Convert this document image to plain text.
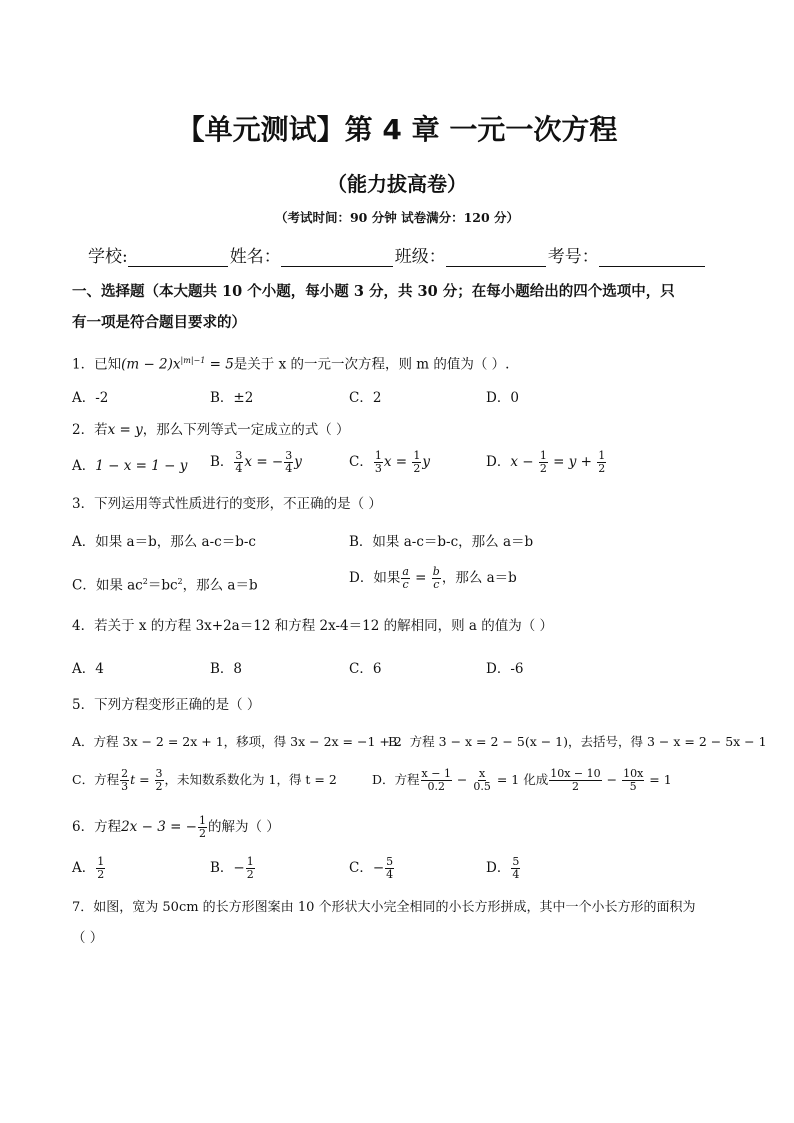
【单元测试】第 4 章 一元一次方程
（能力拔高卷）
（考试时间：90 分钟 试卷满分：120 分）
学校:	姓名：	班级：	考号：
一、选择题（本大题共 10 个小题，每小题 3 分，共 30 分；在每小题给出的四个选项中，只
有一项是符合题目要求的）
1．已知$(m - 2)x^{|m|-1} = 5$是关于 x 的一元一次方程，则 m 的值为（ ）.
A．-2	B．±2	C．2	D．0
2．若x = y，那么下列等式一定成立的式（ ）
A．1 − x = 1 − y B． $\frac{3}{4}$ x = − $\frac{3}{4}$ y	C． $\frac{1}{3}$ $x = \frac{1}{2}$ y	D．$x - \frac{1}{2} = y + \frac{1}{2}$
3．下列运用等式性质进行的变形，不正确的是（ ）
A．如果 a＝b，那么 a-c＝b-c	B．如果 a-c＝b-c，那么 a＝b
C．如果 $ac^2=bc^2$，那么 a＝b	D．如果 $\frac{a}{c} = \frac{b}{c}$ ，那么 a＝b
4．若关于 x 的方程 3x+2a＝12 和方程 2x-4＝12 的解相同，则 a 的值为（ ）
A．4	B．8	C．6	D．-6
5．下列方程变形正确的是（ ）
A．方程 3x − 2 = 2x + 1，移项，得 3x − 2x = −1 + 2
B．方程 3 − x = 2 − 5(x − 1)，去括号，得 3 − x = 2 − 5x − 1
C．方程 $\frac{2}{3}$ $t = \frac{3}{2}$ ，未知数系数化为 1，得 t = 2	D．方程 $\frac{x - 1}{0.2} - \frac{x}{0.5} = 1$ 化成 $\frac{10x - 10}{2} - \frac{10x}{5} = 1$
6．方程2x − 3 = − $\frac{1}{2}$ 的解为（ ）
A． $\frac{1}{2}$	B．− $\frac{1}{2}$	C．− $\frac{5}{4}$	D． $\frac{5}{4}$
7．如图，宽为 50cm 的长方形图案由 10 个形状大小完全相同的小长方形拼成，其中一个小长方形的面积为
（ ）
